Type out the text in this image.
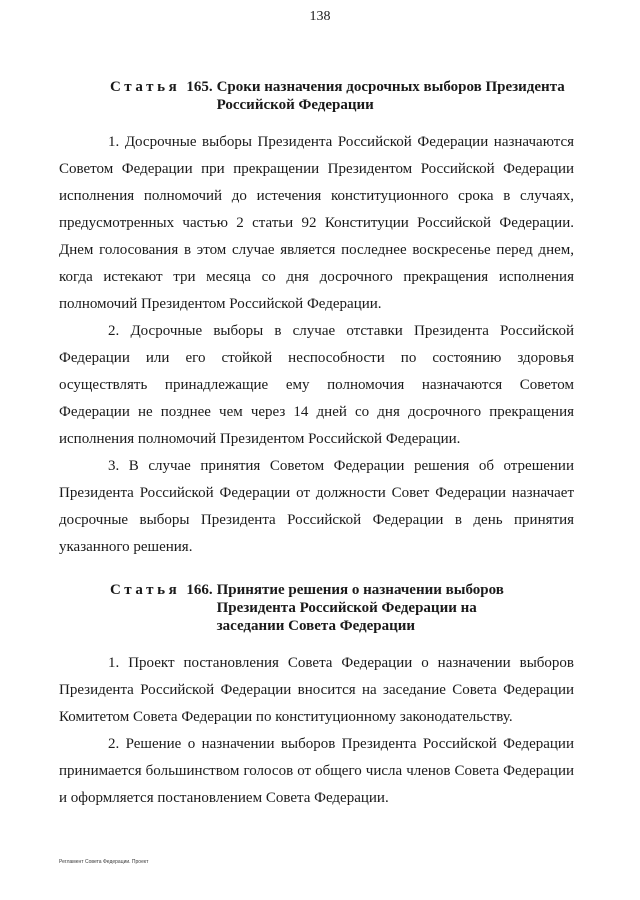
138
Статья 165. Сроки назначения досрочных выборов Президента Российской Федерации

1. Досрочные выборы Президента Российской Федерации назначаются Советом Федерации при прекращении Президентом Российской Федерации исполнения полномочий до истечения конституционного срока в случаях, предусмотренных частью 2 статьи 92 Конституции Российской Федерации. Днем голосования в этом случае является последнее воскресенье перед днем, когда истекают три месяца со дня досрочного прекращения исполнения полномочий Президентом Российской Федерации.

2. Досрочные выборы в случае отставки Президента Российской Федерации или его стойкой неспособности по состоянию здоровья осуществлять принадлежащие ему полномочия назначаются Советом Федерации не позднее чем через 14 дней со дня досрочного прекращения исполнения полномочий Президентом Российской Федерации.

3. В случае принятия Советом Федерации решения об отрешении Президента Российской Федерации от должности Совет Федерации назначает досрочные выборы Президента Российской Федерации в день принятия указанного решения.

Статья 166. Принятие решения о назначении выборов Президента Российской Федерации на заседании Совета Федерации

1. Проект постановления Совета Федерации о назначении выборов Президента Российской Федерации вносится на заседание Совета Федерации Комитетом Совета Федерации по конституционному законодательству.

2. Решение о назначении выборов Президента Российской Федерации принимается большинством голосов от общего числа членов Совета Федерации и оформляется постановлением Совета Федерации.

Регламент Совета Федерации. Проект
